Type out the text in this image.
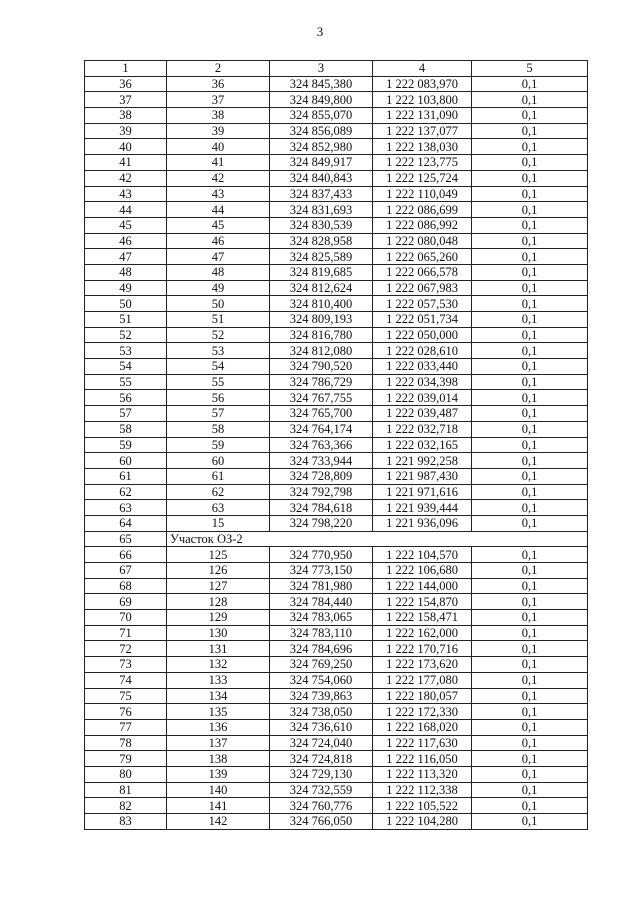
3
1	2	3	4	5
36	36	324 845,380	1 222 083,970	0,1
37	37	324 849,800	1 222 103,800	0,1
38	38	324 855,070	1 222 131,090	0,1
39	39	324 856,089	1 222 137,077	0,1
40	40	324 852,980	1 222 138,030	0,1
41	41	324 849,917	1 222 123,775	0,1
42	42	324 840,843	1 222 125,724	0,1
43	43	324 837,433	1 222 110,049	0,1
44	44	324 831,693	1 222 086,699	0,1
45	45	324 830,539	1 222 086,992	0,1
46	46	324 828,958	1 222 080,048	0,1
47	47	324 825,589	1 222 065,260	0,1
48	48	324 819,685	1 222 066,578	0,1
49	49	324 812,624	1 222 067,983	0,1
50	50	324 810,400	1 222 057,530	0,1
51	51	324 809,193	1 222 051,734	0,1
52	52	324 816,780	1 222 050,000	0,1
53	53	324 812,080	1 222 028,610	0,1
54	54	324 790,520	1 222 033,440	0,1
55	55	324 786,729	1 222 034,398	0,1
56	56	324 767,755	1 222 039,014	0,1
57	57	324 765,700	1 222 039,487	0,1
58	58	324 764,174	1 222 032,718	0,1
59	59	324 763,366	1 222 032,165	0,1
60	60	324 733,944	1 221 992,258	0,1
61	61	324 728,809	1 221 987,430	0,1
62	62	324 792,798	1 221 971,616	0,1
63	63	324 784,618	1 221 939,444	0,1
64	15	324 798,220	1 221 936,096	0,1
65	Участок ОЗ-2			
66	125	324 770,950	1 222 104,570	0,1
67	126	324 773,150	1 222 106,680	0,1
68	127	324 781,980	1 222 144,000	0,1
69	128	324 784,440	1 222 154,870	0,1
70	129	324 783,065	1 222 158,471	0,1
71	130	324 783,110	1 222 162,000	0,1
72	131	324 784,696	1 222 170,716	0,1
73	132	324 769,250	1 222 173,620	0,1
74	133	324 754,060	1 222 177,080	0,1
75	134	324 739,863	1 222 180,057	0,1
76	135	324 738,050	1 222 172,330	0,1
77	136	324 736,610	1 222 168,020	0,1
78	137	324 724,040	1 222 117,630	0,1
79	138	324 724,818	1 222 116,050	0,1
80	139	324 729,130	1 222 113,320	0,1
81	140	324 732,559	1 222 112,338	0,1
82	141	324 760,776	1 222 105,522	0,1
83	142	324 766,050	1 222 104,280	0,1
